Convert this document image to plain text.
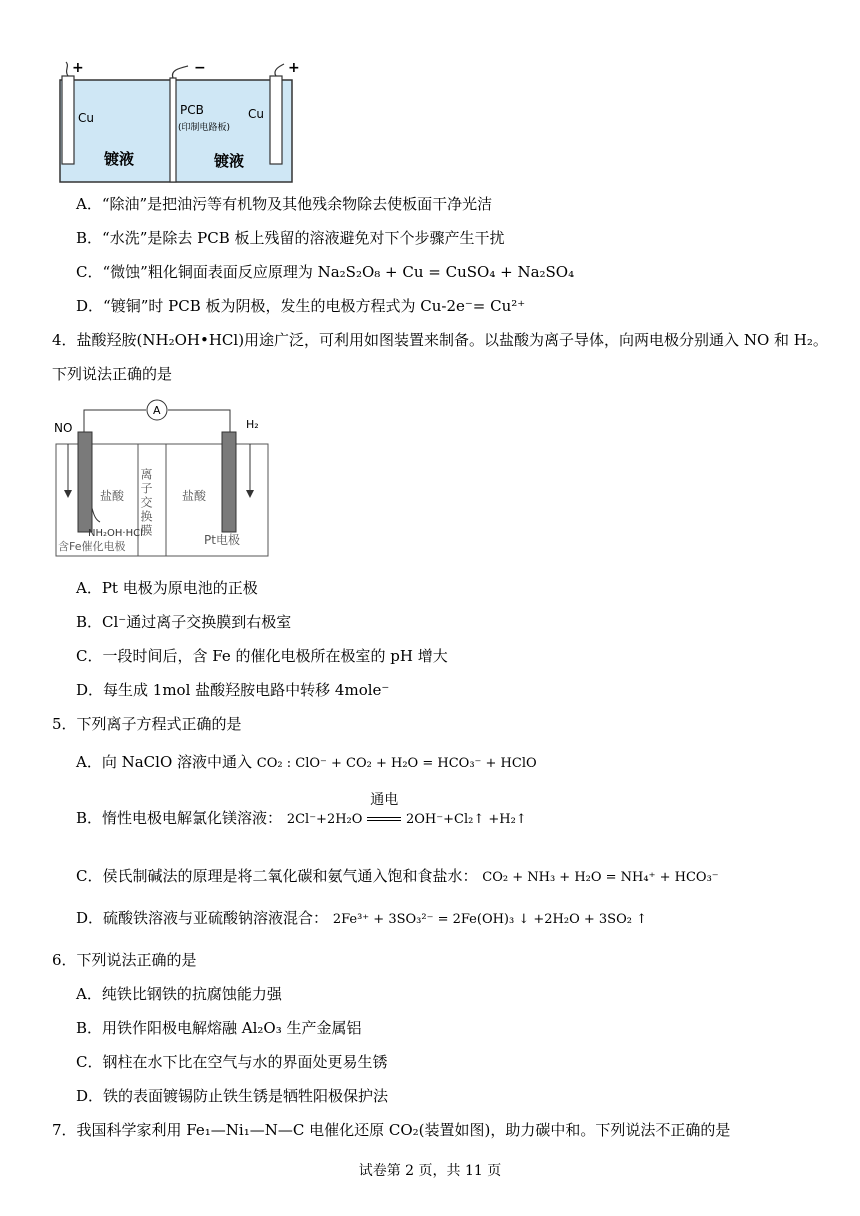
+	−	+
Cu	Cu
PCB
(印制电路板)
镀液	镀液
A．“除油”是把油污等有机物及其他残余物除去使板面干净光洁
B．“水洗”是除去 PCB 板上残留的溶液避免对下个步骤产生干扰
C．“微蚀”粗化铜面表面反应原理为 Na₂S₂O₈ + Cu = CuSO₄ + Na₂SO₄
D．“镀铜”时 PCB 板为阴极，发生的电极方程式为 Cu-2e⁻= Cu²⁺
4．盐酸羟胺(NH₂OH•HCl)用途广泛，可利用如图装置来制备。以盐酸为离子导体，向两电极分别通入 NO 和 H₂。
下列说法正确的是
A
NO	H₂
盐酸	盐酸
离子交换膜
NH₂OH·HCl
含Fe催化电极	Pt电极
A．Pt 电极为原电池的正极
B．Cl⁻通过离子交换膜到右极室
C．一段时间后，含 Fe 的催化电极所在极室的 pH 增大
D．每生成 1mol 盐酸羟胺电路中转移 4mole⁻
5．下列离子方程式正确的是
A．向 NaClO 溶液中通入 CO₂ : ClO⁻ + CO₂ + H₂O = HCO₃⁻ + HClO
B．惰性电极电解氯化镁溶液： 2Cl⁻+2H₂O
通电
2OH⁻+Cl₂↑ +H₂↑
C．侯氏制碱法的原理是将二氧化碳和氨气通入饱和食盐水： CO₂ + NH₃ + H₂O = NH₄⁺ + HCO₃⁻
D．硫酸铁溶液与亚硫酸钠溶液混合： 2Fe³⁺ + 3SO₃²⁻ = 2Fe(OH)₃ ↓ +2H₂O + 3SO₂ ↑
6．下列说法正确的是
A．纯铁比钢铁的抗腐蚀能力强
B．用铁作阳极电解熔融 Al₂O₃ 生产金属铝
C．钢柱在水下比在空气与水的界面处更易生锈
D．铁的表面镀锡防止铁生锈是牺牲阳极保护法
7．我国科学家利用 Fe₁—Ni₁—N—C 电催化还原 CO₂(装置如图)，助力碳中和。下列说法不正确的是
试卷第 2 页，共 11 页
